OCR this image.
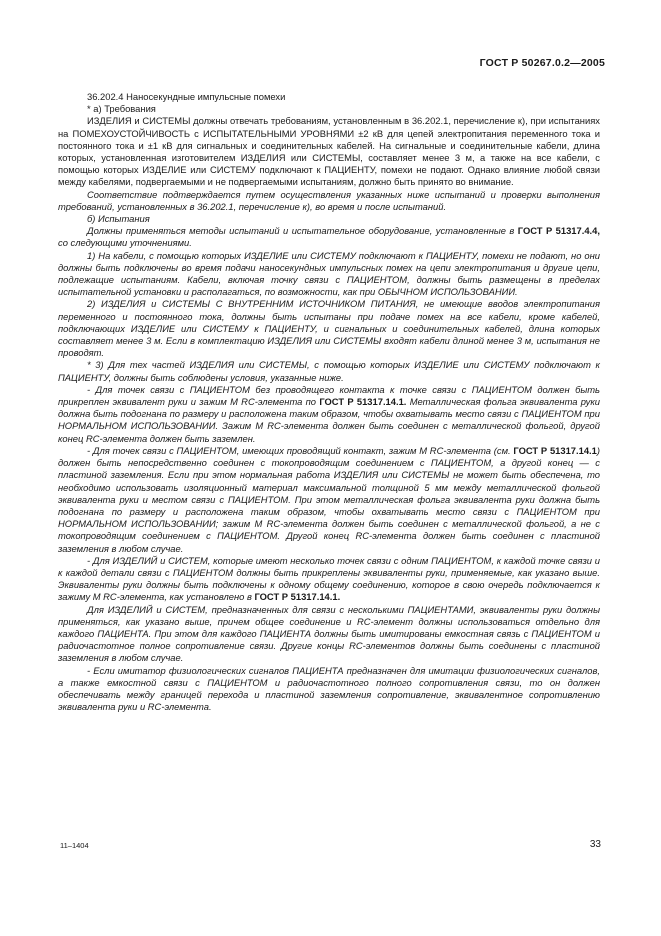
ГОСТ Р 50267.0.2—2005

36.202.4 Наносекундные импульсные помехи

* а) Требования

ИЗДЕЛИЯ и СИСТЕМЫ должны отвечать требованиям, установленным в 36.202.1, перечисление к), при испытаниях на ПОМЕХОУСТОЙЧИВОСТЬ с ИСПЫТАТЕЛЬНЫМИ УРОВНЯМИ ±2 кВ для цепей электропитания переменного тока и постоянного тока и ±1 кВ для сигнальных и соединительных кабелей. На сигнальные и соединительные кабели, длина которых, установленная изготовителем ИЗДЕЛИЯ или СИСТЕМЫ, составляет менее 3 м, а также на все кабели, с помощью которых ИЗДЕЛИЕ или СИСТЕМУ подключают к ПАЦИЕНТУ, помехи не подают. Однако влияние любой связи между кабелями, подвергаемыми и не подвергаемыми испытаниям, должно быть принято во внимание.

Соответствие подтверждается путем осуществления указанных ниже испытаний и проверки выполнения требований, установленных в 36.202.1, перечисление к), во время и после испытаний.

б) Испытания

Должны применяться методы испытаний и испытательное оборудование, установленные в ГОСТ Р 51317.4.4, со следующими уточнениями.

1) На кабели, с помощью которых ИЗДЕЛИЕ или СИСТЕМУ подключают к ПАЦИЕНТУ, помехи не подают, но они должны быть подключены во время подачи наносекундных импульсных помех на цепи электропитания и другие цепи, подлежащие испытаниям. Кабели, включая точку связи с ПАЦИЕНТОМ, должны быть размещены в пределах испытательной установки и располагаться, по возможности, как при ОБЫЧНОМ ИСПОЛЬЗОВАНИИ.

2) ИЗДЕЛИЯ и СИСТЕМЫ С ВНУТРЕННИМ ИСТОЧНИКОМ ПИТАНИЯ, не имеющие вводов электропитания переменного и постоянного тока, должны быть испытаны при подаче помех на все кабели, кроме кабелей, подключающих ИЗДЕЛИЕ или СИСТЕМУ к ПАЦИЕНТУ, и сигнальных и соединительных кабелей, длина которых составляет менее 3 м. Если в комплектацию ИЗДЕЛИЯ или СИСТЕМЫ входят кабели длиной менее 3 м, испытания не проводят.

* 3) Для тех частей ИЗДЕЛИЯ или СИСТЕМЫ, с помощью которых ИЗДЕЛИЕ или СИСТЕМУ подключают к ПАЦИЕНТУ, должны быть соблюдены условия, указанные ниже.

- Для точек связи с ПАЦИЕНТОМ без проводящего контакта к точке связи с ПАЦИЕНТОМ должен быть прикреплен эквивалент руки и зажим М RC-элемента по ГОСТ Р 51317.14.1. Металлическая фольга эквивалента руки должна быть подогнана по размеру и расположена таким образом, чтобы охватывать место связи с ПАЦИЕНТОМ при НОРМАЛЬНОМ ИСПОЛЬЗОВАНИИ. Зажим М RC-элемента должен быть соединен с металлической фольгой, другой конец RC-элемента должен быть заземлен.

- Для точек связи с ПАЦИЕНТОМ, имеющих проводящий контакт, зажим М RC-элемента (см. ГОСТ Р 51317.14.1) должен быть непосредственно соединен с токопроводящим соединением с ПАЦИЕНТОМ, а другой конец — с пластиной заземления. Если при этом нормальная работа ИЗДЕЛИЯ или СИСТЕМЫ не может быть обеспечена, то необходимо использовать изоляционный материал максимальной толщиной 5 мм между металлической фольгой эквивалента руки и местом связи с ПАЦИЕНТОМ. При этом металлическая фольга эквивалента руки должна быть подогнана по размеру и расположена таким образом, чтобы охватывать место связи с ПАЦИЕНТОМ при НОРМАЛЬНОМ ИСПОЛЬЗОВАНИИ; зажим М RC-элемента должен быть соединен с металлической фольгой, а не с токопроводящим соединением с ПАЦИЕНТОМ. Другой конец RC-элемента должен быть соединен с пластиной заземления в любом случае.

- Для ИЗДЕЛИЙ и СИСТЕМ, которые имеют несколько точек связи с одним ПАЦИЕНТОМ, к каждой точке связи и к каждой детали связи с ПАЦИЕНТОМ должны быть прикреплены эквиваленты руки, применяемые, как указано выше. Эквиваленты руки должны быть подключены к одному общему соединению, которое в свою очередь подключается к зажиму М RC-элемента, как установлено в ГОСТ Р 51317.14.1.

Для ИЗДЕЛИЙ и СИСТЕМ, предназначенных для связи с несколькими ПАЦИЕНТАМИ, эквиваленты руки должны применяться, как указано выше, причем общее соединение и RC-элемент должны использоваться отдельно для каждого ПАЦИЕНТА. При этом для каждого ПАЦИЕНТА должны быть имитированы емкостная связь с ПАЦИЕНТОМ и радиочастотное полное сопротивление связи. Другие концы RC-элементов должны быть соединены с пластиной заземления в любом случае.

- Если имитатор физиологических сигналов ПАЦИЕНТА предназначен для имитации физиологических сигналов, а также емкостной связи с ПАЦИЕНТОМ и радиочастотного полного сопротивления связи, то он должен обеспечивать между границей перехода и пластиной заземления сопротивление, эквивалентное сопротивлению эквивалента руки и RC-элемента.

11–1404	33
